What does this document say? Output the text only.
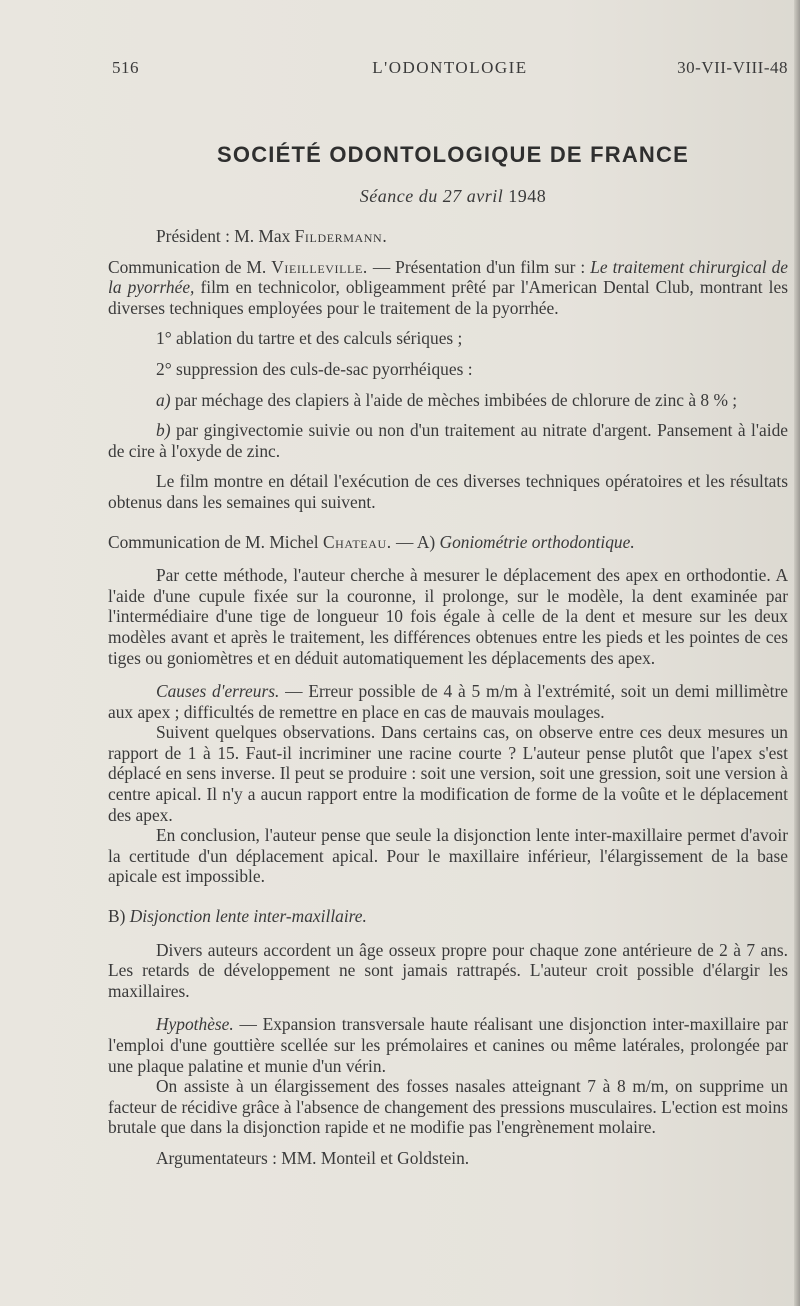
516	L'ODONTOLOGIE	30-VII-VIII-48
SOCIÉTÉ ODONTOLOGIQUE DE FRANCE
Séance du 27 avril 1948

Président : M. Max Fildermann.

Communication de M. Vieilleville. — Présentation d'un film sur : Le traitement chirurgical de la pyorrhée, film en technicolor, obligeamment prêté par l'American Dental Club, montrant les diverses techniques employées pour le traitement de la pyorrhée.

1° ablation du tartre et des calculs sériques ;

2° suppression des culs-de-sac pyorrhéiques :

a) par méchage des clapiers à l'aide de mèches imbibées de chlorure de zinc à 8 % ;

b) par gingivectomie suivie ou non d'un traitement au nitrate d'argent. Pansement à l'aide de cire à l'oxyde de zinc.

Le film montre en détail l'exécution de ces diverses techniques opératoires et les résultats obtenus dans les semaines qui suivent.

Communication de M. Michel Chateau. — A) Goniométrie orthodontique.

Par cette méthode, l'auteur cherche à mesurer le déplacement des apex en orthodontie. A l'aide d'une cupule fixée sur la couronne, il prolonge, sur le modèle, la dent examinée par l'intermédiaire d'une tige de longueur 10 fois égale à celle de la dent et mesure sur les deux modèles avant et après le traitement, les différences obtenues entre les pieds et les pointes de ces tiges ou goniomètres et en déduit automatiquement les déplacements des apex.

Causes d'erreurs. — Erreur possible de 4 à 5 m/m à l'extrémité, soit un demi millimètre aux apex ; difficultés de remettre en place en cas de mauvais moulages.

Suivent quelques observations. Dans certains cas, on observe entre ces deux mesures un rapport de 1 à 15. Faut-il incriminer une racine courte ? L'auteur pense plutôt que l'apex s'est déplacé en sens inverse. Il peut se produire : soit une version, soit une gression, soit une version à centre apical. Il n'y a aucun rapport entre la modification de forme de la voûte et le déplacement des apex.

En conclusion, l'auteur pense que seule la disjonction lente inter-maxillaire permet d'avoir la certitude d'un déplacement apical. Pour le maxillaire inférieur, l'élargissement de la base apicale est impossible.

B) Disjonction lente inter-maxillaire.

Divers auteurs accordent un âge osseux propre pour chaque zone antérieure de 2 à 7 ans. Les retards de développement ne sont jamais rattrapés. L'auteur croit possible d'élargir les maxillaires.

Hypothèse. — Expansion transversale haute réalisant une disjonction inter-maxillaire par l'emploi d'une gouttière scellée sur les prémolaires et canines ou même latérales, prolongée par une plaque palatine et munie d'un vérin.

On assiste à un élargissement des fosses nasales atteignant 7 à 8 m/m, on supprime un facteur de récidive grâce à l'absence de changement des pressions musculaires. L'ection est moins brutale que dans la disjonction rapide et ne modifie pas l'engrènement molaire.

Argumentateurs : MM. Monteil et Goldstein.
